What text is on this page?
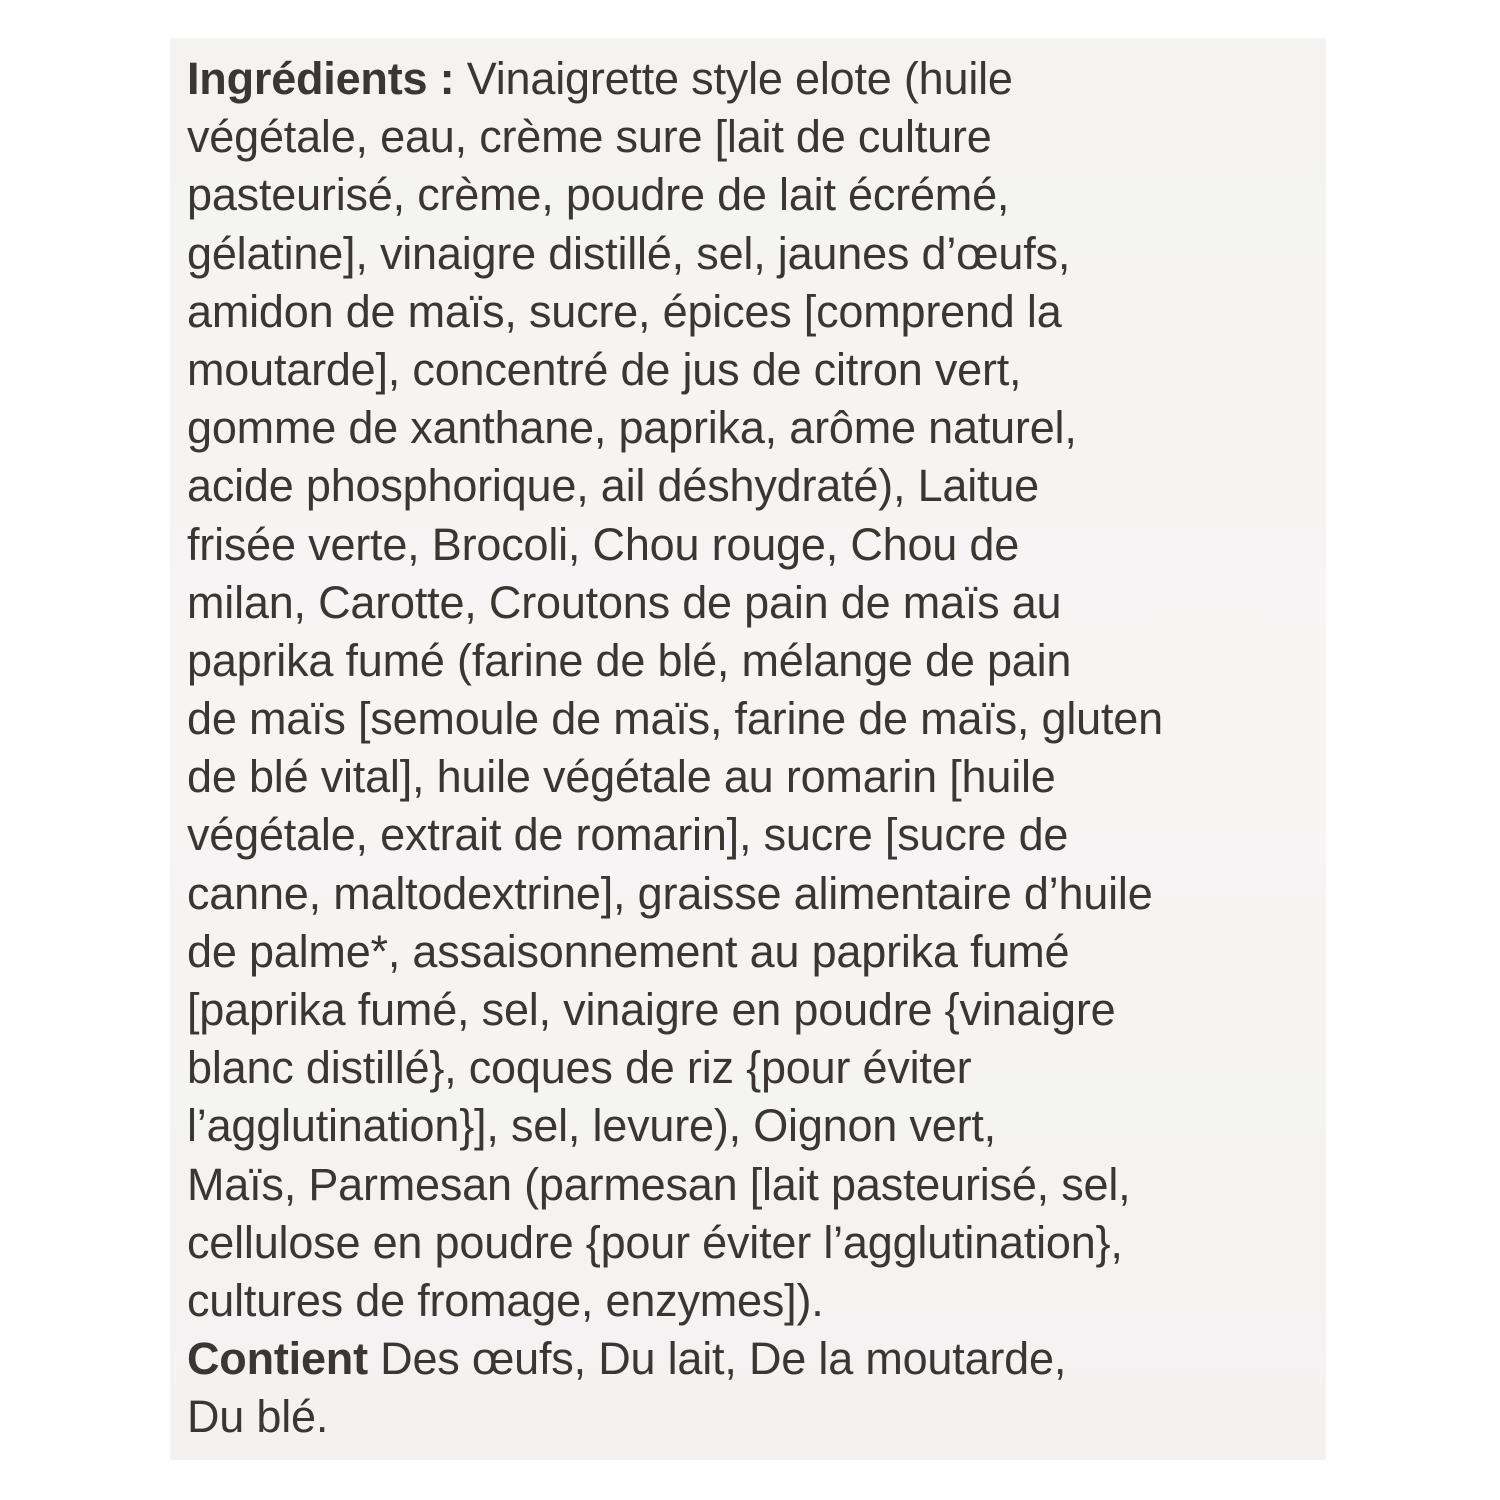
Ingrédients : Vinaigrette style elote (huile
végétale, eau, crème sure [lait de culture
pasteurisé, crème, poudre de lait écrémé,
gélatine], vinaigre distillé, sel, jaunes d’œufs,
amidon de maïs, sucre, épices [comprend la
moutarde], concentré de jus de citron vert,
gomme de xanthane, paprika, arôme naturel,
acide phosphorique, ail déshydraté), Laitue
frisée verte, Brocoli, Chou rouge, Chou de
milan, Carotte, Croutons de pain de maïs au
paprika fumé (farine de blé, mélange de pain
de maïs [semoule de maïs, farine de maïs, gluten
de blé vital], huile végétale au romarin [huile
végétale, extrait de romarin], sucre [sucre de
canne, maltodextrine], graisse alimentaire d’huile
de palme*, assaisonnement au paprika fumé
[paprika fumé, sel, vinaigre en poudre {vinaigre
blanc distillé}, coques de riz {pour éviter
l’agglutination}], sel, levure), Oignon vert,
Maïs, Parmesan (parmesan [lait pasteurisé, sel,
cellulose en poudre {pour éviter l’agglutination},
cultures de fromage, enzymes]).
Contient Des œufs, Du lait, De la moutarde,
Du blé.
